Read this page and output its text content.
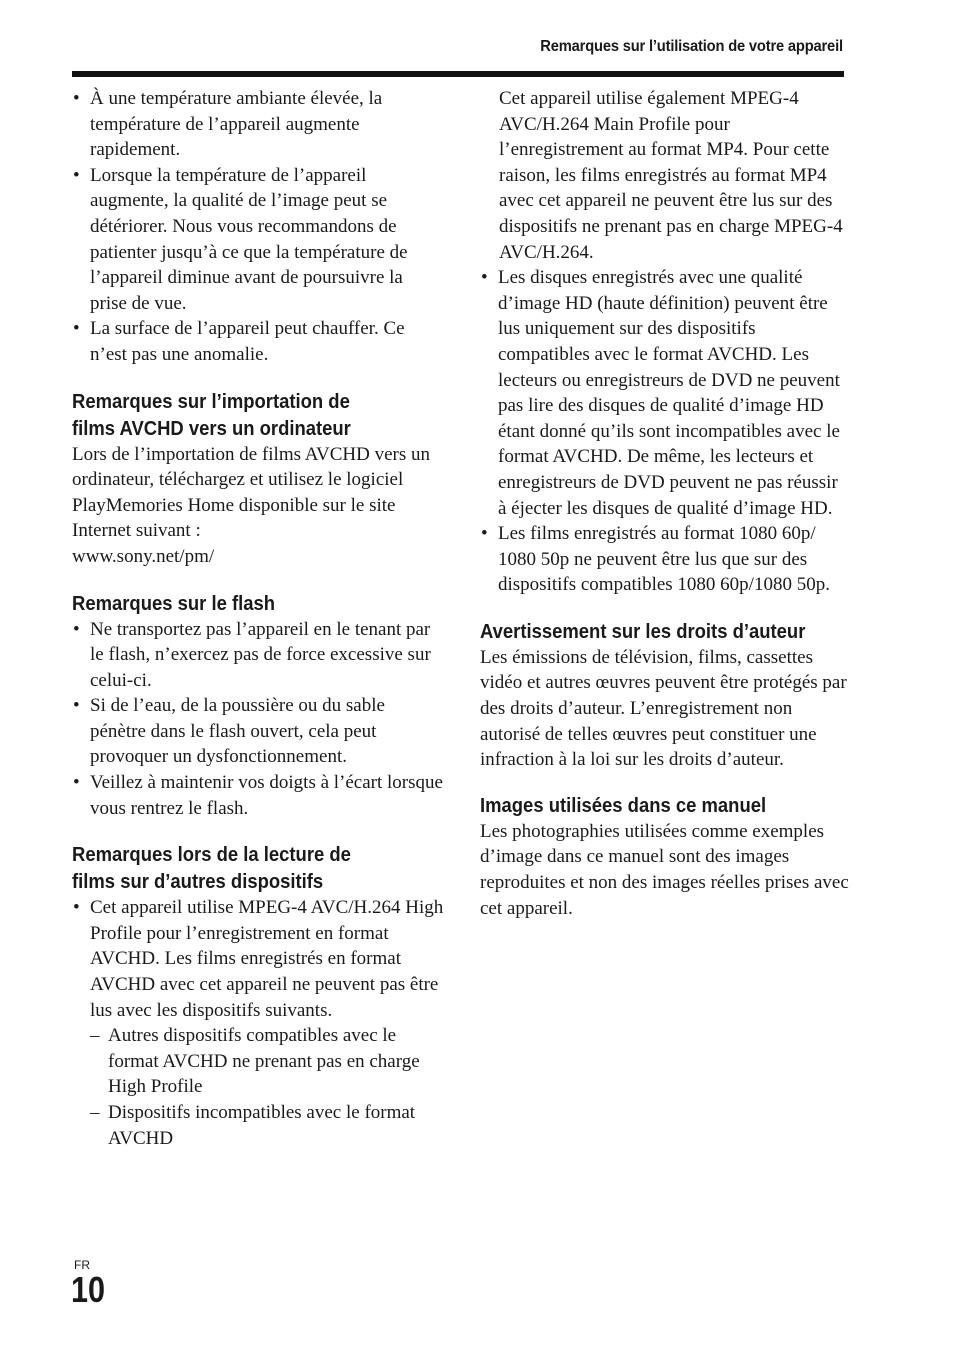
Remarques sur l’utilisation de votre appareil
• À une température ambiante élevée, la température de l’appareil augmente rapidement.
• Lorsque la température de l’appareil augmente, la qualité de l’image peut se détériorer. Nous vous recommandons de patienter jusqu’à ce que la température de l’appareil diminue avant de poursuivre la prise de vue.
• La surface de l’appareil peut chauffer. Ce n’est pas une anomalie.
Remarques sur l’importation de
films AVCHD vers un ordinateur

Lors de l’importation de films AVCHD vers un ordinateur, téléchargez et utilisez le logiciel PlayMemories Home disponible sur le site Internet suivant :

www.sony.net/pm/

Remarques sur le flash
• Ne transportez pas l’appareil en le tenant par le flash, n’exercez pas de force excessive sur celui-ci.
• Si de l’eau, de la poussière ou du sable pénètre dans le flash ouvert, cela peut provoquer un dysfonctionnement.
• Veillez à maintenir vos doigts à l’écart lorsque vous rentrez le flash.
Remarques lors de la lecture de
films sur d’autres dispositifs
• Cet appareil utilise MPEG-4 AVC/H.264 High Profile pour l’enregistrement en format AVCHD. Les films enregistrés en format AVCHD avec cet appareil ne peuvent pas être lus avec les dispositifs suivants.
– Autres dispositifs compatibles avec le format AVCHD ne prenant pas en charge High Profile
– Dispositifs incompatibles avec le format AVCHD

Cet appareil utilise également MPEG-4 AVC/H.264 Main Profile pour l’enregistrement au format MP4. Pour cette raison, les films enregistrés au format MP4 avec cet appareil ne peuvent être lus sur des dispositifs ne prenant pas en charge MPEG-4 AVC/H.264.

• Les disques enregistrés avec une qualité d’image HD (haute définition) peuvent être lus uniquement sur des dispositifs compatibles avec le format AVCHD. Les lecteurs ou enregistreurs de DVD ne peuvent pas lire des disques de qualité d’image HD étant donné qu’ils sont incompatibles avec le format AVCHD. De même, les lecteurs et enregistreurs de DVD peuvent ne pas réussir à éjecter les disques de qualité d’image HD.
• Les films enregistrés au format 1080 60p/ 1080 50p ne peuvent être lus que sur des dispositifs compatibles 1080 60p/1080 50p.
Avertissement sur les droits d’auteur

Les émissions de télévision, films, cassettes vidéo et autres œuvres peuvent être protégés par des droits d’auteur. L’enregistrement non autorisé de telles œuvres peut constituer une infraction à la loi sur les droits d’auteur.

Images utilisées dans ce manuel

Les photographies utilisées comme exemples d’image dans ce manuel sont des images reproduites et non des images réelles prises avec cet appareil.

FR
10
